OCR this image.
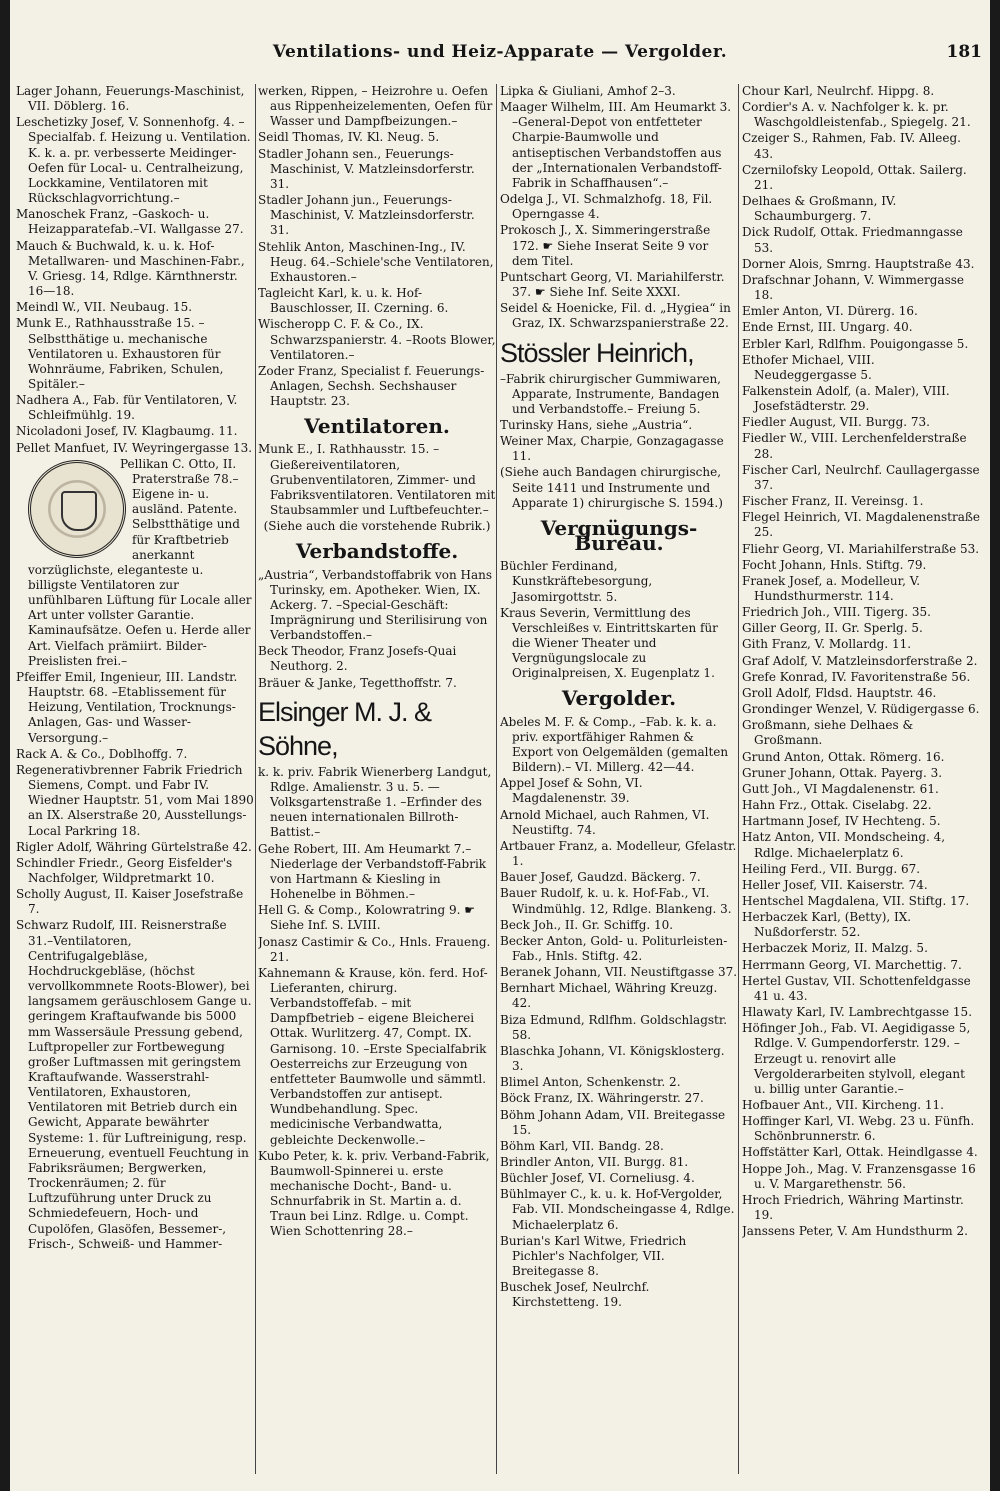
Ventilations- und Heiz-Apparate — Vergolder.	181
Lager Johann, Feuerungs-Maschinist, VII. Döblerg. 16.
Leschetizky Josef, V. Sonnenhofg. 4. –Specialfab. f. Heizung u. Ventilation. K. k. a. pr. verbesserte Meidinger-Oefen für Local- u. Centralheizung, Lockkamine, Ventilatoren mit Rückschlagvorrichtung.–
Manoschek Franz, –Gaskoch- u. Heizapparatefab.–VI. Wallgasse 27.
Mauch & Buchwald, k. u. k. Hof-Metallwaren- und Maschinen-Fabr., V. Griesg. 14, Rdlge. Kärnthnerstr. 16—18.
Meindl W., VII. Neubaug. 15.
Munk E., Rathhausstraße 15. –Selbstthätige u. mechanische Ventilatoren u. Exhaustoren für Wohnräume, Fabriken, Schulen, Spitäler.–
Nadhera A., Fab. für Ventilatoren, V. Schleifmühlg. 19.
Nicoladoni Josef, IV. Klagbaumg. 11.
Pellet Manfuet, IV. Weyringergasse 13.
Pellikan C. Otto, II. Praterstraße 78.–Eigene in- u. ausländ. Patente. Selbstthätige und für Kraftbetrieb anerkannt vorzüglichste, eleganteste u. billigste Ventilatoren zur unfühlbaren Lüftung für Locale aller Art unter vollster Garantie. Kaminaufsätze. Oefen u. Herde aller Art. Vielfach prämiirt. Bilder-Preislisten frei.–
Pfeiffer Emil, Ingenieur, III. Landstr. Hauptstr. 68. –Etablissement für Heizung, Ventilation, Trocknungs-Anlagen, Gas- und Wasser-Versorgung.–
Rack A. & Co., Doblhoffg. 7.
Regenerativbrenner Fabrik Friedrich Siemens, Compt. und Fabr IV. Wiedner Hauptstr. 51, vom Mai 1890 an IX. Alserstraße 20, Ausstellungs-Local Parkring 18.
Rigler Adolf, Währing Gürtelstraße 42.
Schindler Friedr., Georg Eisfelder's Nachfolger, Wildpretmarkt 10.
Scholly August, II. Kaiser Josefstraße 7.
Schwarz Rudolf, III. Reisnerstraße 31.–Ventilatoren, Centrifugalgebläse, Hochdruckgebläse, (höchst vervollkommnete Roots-Blower), bei langsamem geräuschlosem Gange u. geringem Kraftaufwande bis 5000 mm Wassersäule Pressung gebend, Luftpropeller zur Fortbewegung großer Luftmassen mit geringstem Kraftaufwande. Wasserstrahl-Ventilatoren, Exhaustoren, Ventilatoren mit Betrieb durch ein Gewicht, Apparate bewährter Systeme: 1. für Luftreinigung, resp. Erneuerung, eventuell Feuchtung in Fabriksräumen; Bergwerken, Trockenräumen; 2. für Luftzuführung unter Druck zu Schmiedefeuern, Hoch- und Cupolöfen, Glasöfen, Bessemer-, Frisch-, Schweiß- und Hammer-
werken, Rippen, – Heizrohre u. Oefen aus Rippenheizelementen, Oefen für Wasser und Dampfbeizungen.–
Seidl Thomas, IV. Kl. Neug. 5.
Stadler Johann sen., Feuerungs-Maschinist, V. Matzleinsdorferstr. 31.
Stadler Johann jun., Feuerungs-Maschinist, V. Matzleinsdorferstr. 31.
Stehlik Anton, Maschinen-Ing., IV. Heug. 64.–Schiele'sche Ventilatoren, Exhaustoren.–
Tagleicht Karl, k. u. k. Hof-Bauschlosser, II. Czerning. 6.
Wischeropp C. F. & Co., IX. Schwarzspanierstr. 4. –Roots Blower, Ventilatoren.–
Zoder Franz, Specialist f. Feuerungs-Anlagen, Sechsh. Sechshauser Hauptstr. 23.
Ventilatoren.
Munk E., I. Rathhausstr. 15. –Gießereiventilatoren, Grubenventilatoren, Zimmer- und Fabriksventilatoren. Ventilatoren mit Staubsammler und Luftbefeuchter.–
(Siehe auch die vorstehende Rubrik.)
Verbandstoffe.
„Austria“, Verbandstoffabrik von Hans Turinsky, em. Apotheker. Wien, IX. Ackerg. 7. –Special-Geschäft: Imprägnirung und Sterilisirung von Verbandstoffen.–
Beck Theodor, Franz Josefs-Quai Neuthorg. 2.
Bräuer & Janke, Tegetthoffstr. 7.
Elsinger M. J. & Söhne,
k. k. priv. Fabrik Wienerberg Landgut, Rdlge. Amalienstr. 3 u. 5. — Volksgartenstraße 1. –Erfinder des neuen internationalen Billroth-Battist.–
Gehe Robert, III. Am Heumarkt 7.–Niederlage der Verbandstoff-Fabrik von Hartmann & Kiesling in Hohenelbe in Böhmen.–
Hell G. & Comp., Kolowratring 9. ☛ Siehe Inf. S. LVIII.
Jonasz Castimir & Co., Hnls. Fraueng. 21.
Kahnemann & Krause, kön. ferd. Hof-Lieferanten, chirurg. Verbandstoffefab. – mit Dampfbetrieb – eigene Bleicherei Ottak. Wurlitzerg. 47, Compt. IX. Garnisong. 10. –Erste Specialfabrik Oesterreichs zur Erzeugung von entfetteter Baumwolle und sämmtl. Verbandstoffen zur antisept. Wundbehandlung. Spec. medicinische Verbandwatta, gebleichte Deckenwolle.–
Kubo Peter, k. k. priv. Verband-Fabrik, Baumwoll-Spinnerei u. erste mechanische Docht-, Band- u. Schnurfabrik in St. Martin a. d. Traun bei Linz. Rdlge. u. Compt. Wien Schottenring 28.–
Lipka & Giuliani, Amhof 2–3.
Maager Wilhelm, III. Am Heumarkt 3. –General-Depot von entfetteter Charpie-Baumwolle und antiseptischen Verbandstoffen aus der „Internationalen Verbandstoff-Fabrik in Schaffhausen“.–
Odelga J., VI. Schmalzhofg. 18, Fil. Operngasse 4.
Prokosch J., X. Simmeringerstraße 172. ☛ Siehe Inserat Seite 9 vor dem Titel.
Puntschart Georg, VI. Mariahilferstr. 37. ☛ Siehe Inf. Seite XXXI.
Seidel & Hoenicke, Fil. d. „Hygiea“ in Graz, IX. Schwarzspanierstraße 22.
Stössler Heinrich,
–Fabrik chirurgischer Gummiwaren, Apparate, Instrumente, Bandagen und Verbandstoffe.– Freiung 5.
Turinsky Hans, siehe „Austria“.
Weiner Max, Charpie, Gonzagagasse 11.
(Siehe auch Bandagen chirurgische, Seite 1411 und Instrumente und Apparate 1) chirurgische S. 1594.)
Vergnügungs-Bureau.
Büchler Ferdinand, Kunstkräftebesorgung, Jasomirgottstr. 5.
Kraus Severin, Vermittlung des Verschleißes v. Eintrittskarten für die Wiener Theater und Vergnügungslocale zu Originalpreisen, X. Eugenplatz 1.
Vergolder.
Abeles M. F. & Comp., –Fab. k. k. a. priv. exportfähiger Rahmen & Export von Oelgemälden (gemalten Bildern).– VI. Millerg. 42—44.
Appel Josef & Sohn, VI. Magdalenenstr. 39.
Arnold Michael, auch Rahmen, VI. Neustiftg. 74.
Artbauer Franz, a. Modelleur, Gfelastr. 1.
Bauer Josef, Gaudzd. Bäckerg. 7.
Bauer Rudolf, k. u. k. Hof-Fab., VI. Windmühlg. 12, Rdlge. Blankeng. 3.
Beck Joh., II. Gr. Schiffg. 10.
Becker Anton, Gold- u. Politurleisten-Fab., Hnls. Stiftg. 42.
Beranek Johann, VII. Neustiftgasse 37.
Bernhart Michael, Währing Kreuzg. 42.
Biza Edmund, Rdlfhm. Goldschlagstr. 58.
Blaschka Johann, VI. Königsklosterg. 3.
Blimel Anton, Schenkenstr. 2.
Böck Franz, IX. Währingerstr. 27.
Böhm Johann Adam, VII. Breitegasse 15.
Böhm Karl, VII. Bandg. 28.
Brindler Anton, VII. Burgg. 81.
Büchler Josef, VI. Corneliusg. 4.
Bühlmayer C., k. u. k. Hof-Vergolder, Fab. VII. Mondscheingasse 4, Rdlge. Michaelerplatz 6.
Burian's Karl Witwe, Friedrich Pichler's Nachfolger, VII. Breitegasse 8.
Buschek Josef, Neulrchf. Kirchstetteng. 19.
Chour Karl, Neulrchf. Hippg. 8.
Cordier's A. v. Nachfolger k. k. pr. Waschgoldleistenfab., Spiegelg. 21.
Czeiger S., Rahmen, Fab. IV. Alleeg. 43.
Czernilofsky Leopold, Ottak. Sailerg. 21.
Delhaes & Großmann, IV. Schaumburgerg. 7.
Dick Rudolf, Ottak. Friedmanngasse 53.
Dorner Alois, Smrng. Hauptstraße 43.
Drafschnar Johann, V. Wimmergasse 18.
Emler Anton, VI. Dürerg. 16.
Ende Ernst, III. Ungarg. 40.
Erbler Karl, Rdlfhm. Pouigongasse 5.
Ethofer Michael, VIII. Neudeggergasse 5.
Falkenstein Adolf, (a. Maler), VIII. Josefstädterstr. 29.
Fiedler August, VII. Burgg. 73.
Fiedler W., VIII. Lerchenfelderstraße 28.
Fischer Carl, Neulrchf. Caullagergasse 37.
Fischer Franz, II. Vereinsg. 1.
Flegel Heinrich, VI. Magdalenenstraße 25.
Fliehr Georg, VI. Mariahilferstraße 53.
Focht Johann, Hnls. Stiftg. 79.
Franek Josef, a. Modelleur, V. Hundsthurmerstr. 114.
Friedrich Joh., VIII. Tigerg. 35.
Giller Georg, II. Gr. Sperlg. 5.
Gith Franz, V. Mollardg. 11.
Graf Adolf, V. Matzleinsdorferstraße 2.
Grefe Konrad, IV. Favoritenstraße 56.
Groll Adolf, Fldsd. Hauptstr. 46.
Grondinger Wenzel, V. Rüdigergasse 6.
Großmann, siehe Delhaes & Großmann.
Grund Anton, Ottak. Römerg. 16.
Gruner Johann, Ottak. Payerg. 3.
Gutt Joh., VI Magdalenenstr. 61.
Hahn Frz., Ottak. Ciselabg. 22.
Hartmann Josef, IV Hechteng. 5.
Hatz Anton, VII. Mondscheing. 4, Rdlge. Michaelerplatz 6.
Heiling Ferd., VII. Burgg. 67.
Heller Josef, VII. Kaiserstr. 74.
Hentschel Magdalena, VII. Stiftg. 17.
Herbaczek Karl, (Betty), IX. Nußdorferstr. 52.
Herbaczek Moriz, II. Malzg. 5.
Herrmann Georg, VI. Marchettig. 7.
Hertel Gustav, VII. Schottenfeldgasse 41 u. 43.
Hlawaty Karl, IV. Lambrechtgasse 15.
Höfinger Joh., Fab. VI. Aegidigasse 5, Rdlge. V. Gumpendorferstr. 129. –Erzeugt u. renovirt alle Vergolderarbeiten stylvoll, elegant u. billig unter Garantie.–
Hofbauer Ant., VII. Kircheng. 11.
Hoffinger Karl, VI. Webg. 23 u. Fünfh. Schönbrunnerstr. 6.
Hoffstätter Karl, Ottak. Heindlgasse 4.
Hoppe Joh., Mag. V. Franzensgasse 16 u. V. Margarethenstr. 56.
Hroch Friedrich, Währing Martinstr. 19.
Janssens Peter, V. Am Hundsthurm 2.
